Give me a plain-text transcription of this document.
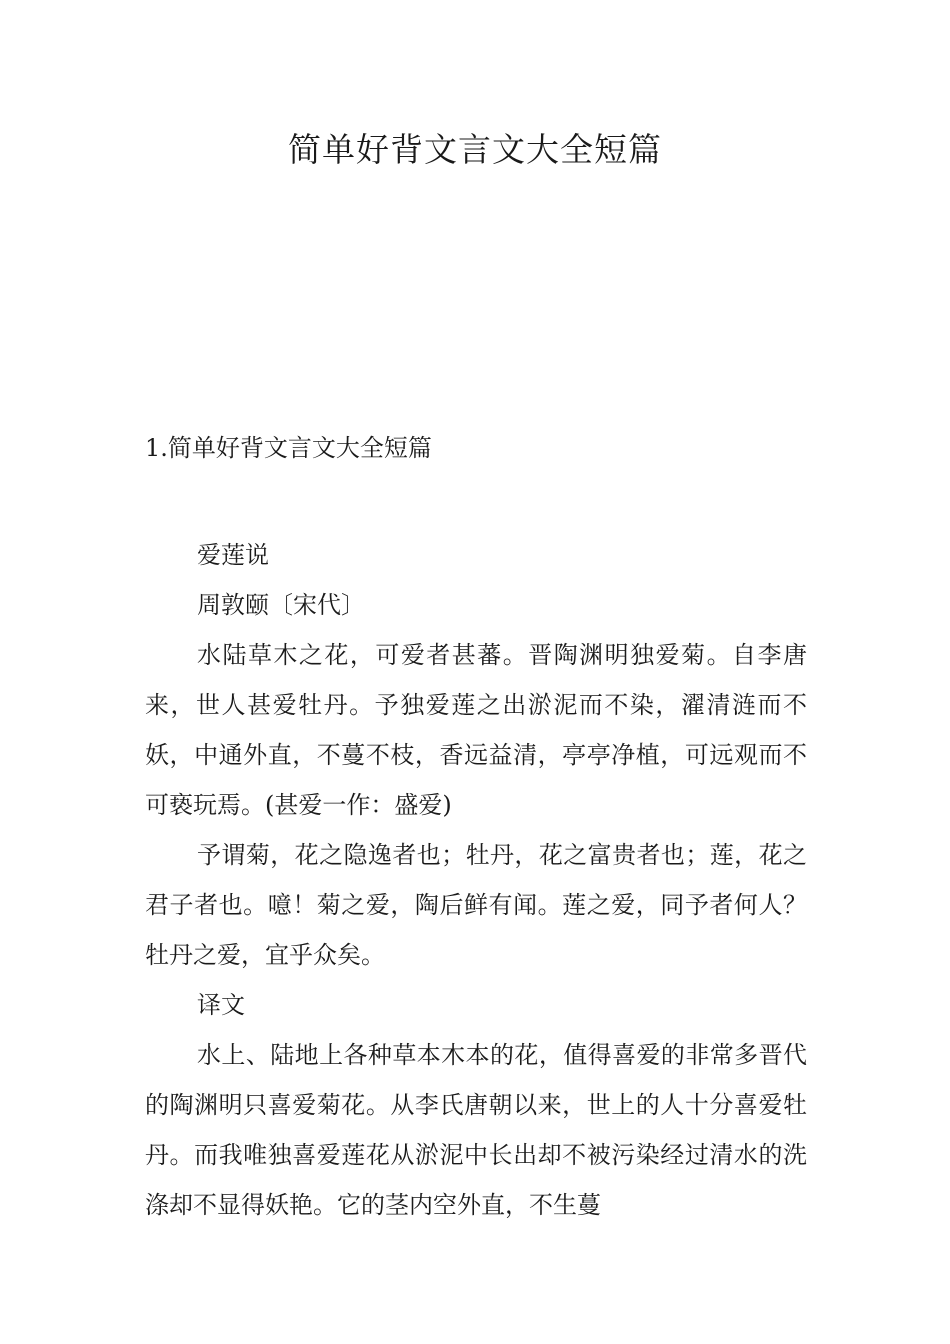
简单好背文言文大全短篇
1.简单好背文言文大全短篇

爱莲说

周敦颐〔宋代〕

水陆草木之花，可爱者甚蕃。晋陶渊明独爱菊。自李唐来，世人甚爱牡丹。予独爱莲之出淤泥而不染，濯清涟而不妖，中通外直，不蔓不枝，香远益清，亭亭净植，可远观而不可亵玩焉。(甚爱一作：盛爱)

予谓菊，花之隐逸者也；牡丹，花之富贵者也；莲，花之君子者也。噫！菊之爱，陶后鲜有闻。莲之爱，同予者何人？牡丹之爱，宜乎众矣。

译文

水上、陆地上各种草本木本的花，值得喜爱的非常多晋代的陶渊明只喜爱菊花。从李氏唐朝以来，世上的人十分喜爱牡丹。而我唯独喜爱莲花从淤泥中长出却不被污染经过清水的洗涤却不显得妖艳。它的茎内空外直，不生蔓
